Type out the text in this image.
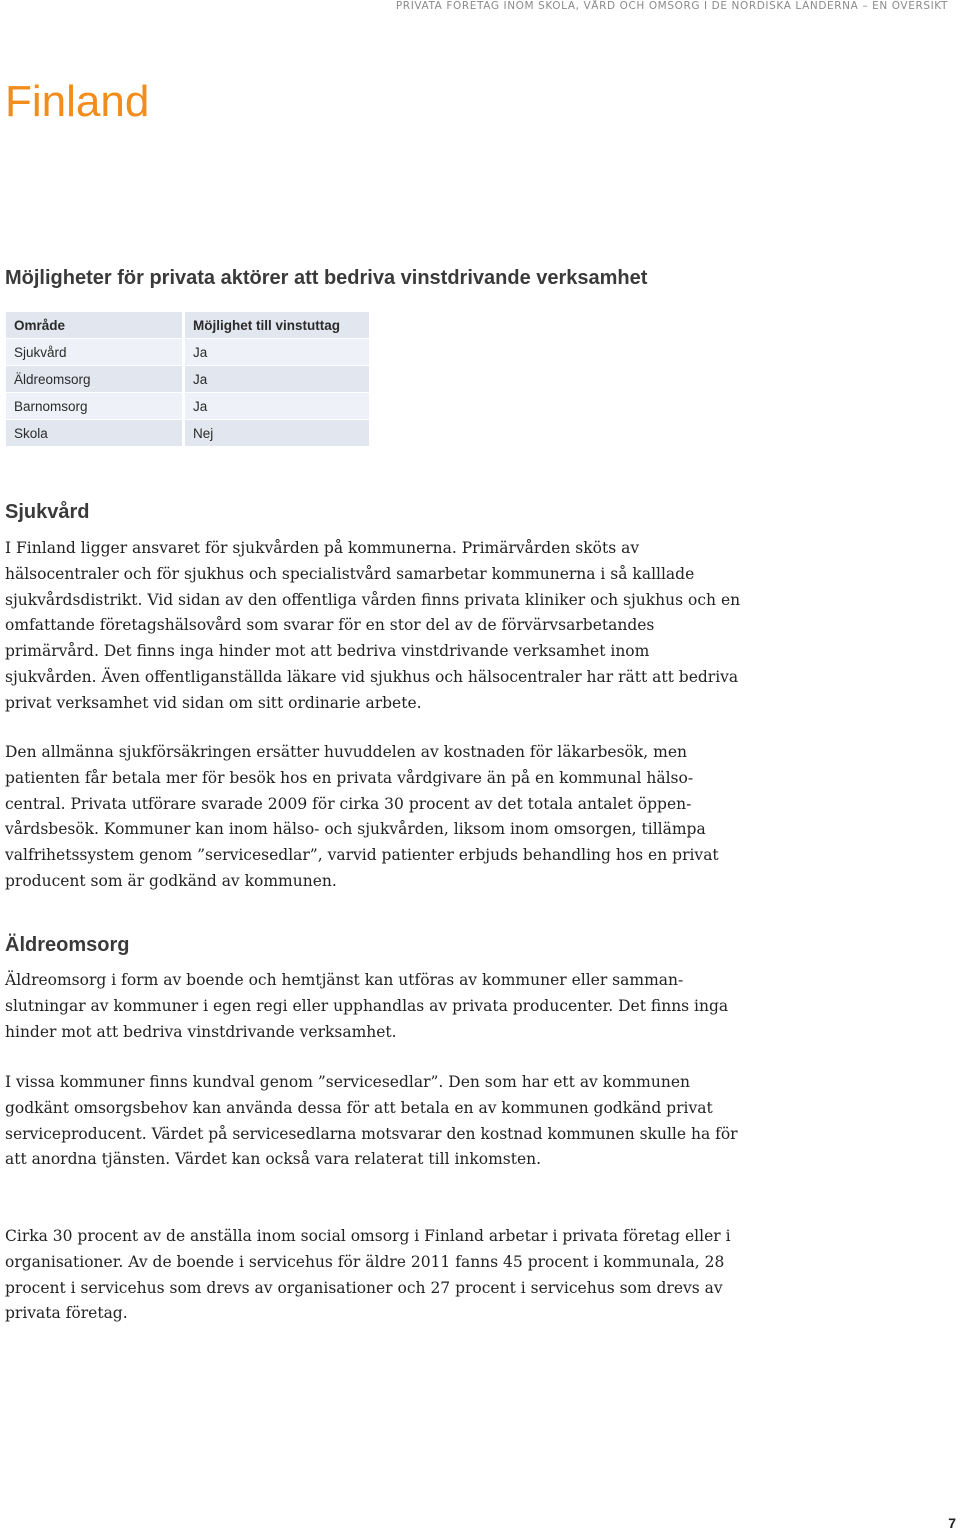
PRIVATA FÖRETAG INOM SKOLA, VÅRD OCH OMSORG I DE NORDISKA LÄNDERNA – EN ÖVERSIKT
Finland
Möjligheter för privata aktörer att bedriva vinstdrivande verksamhet
Område	Möjlighet till vinstuttag
Sjukvård	Ja
Äldreomsorg	Ja
Barnomsorg	Ja
Skola	Nej
Sjukvård

I Finland ligger ansvaret för sjukvården på kommunerna. Primärvården sköts av hälsocentraler och för sjukhus och specialistvård samarbetar kommunerna i så kalllade sjukvårdsdistrikt. Vid sidan av den offentliga vården finns privata kliniker och sjukhus och en omfattande företagshälsovård som svarar för en stor del av de förvärvsarbetandes primärvård. Det finns inga hinder mot att bedriva vinstdrivande verksamhet inom sjukvården. Även offentliganställda läkare vid sjukhus och hälsocentraler har rätt att bedriva privat verksamhet vid sidan om sitt ordinarie arbete.

Den allmänna sjukförsäkringen ersätter huvuddelen av kostnaden för läkarbesök, men patienten får betala mer för besök hos en privata vårdgivare än på en kommunal hälsocentral. Privata utförare svarade 2009 för cirka 30 procent av det totala antalet öppenvårdsbesök. Kommuner kan inom hälso- och sjukvården, liksom inom omsorgen, tillämpa valfrihetssystem genom ”servicesedlar”, varvid patienter erbjuds behandling hos en privat producent som är godkänd av kommunen.

Äldreomsorg

Äldreomsorg i form av boende och hemtjänst kan utföras av kommuner eller sammanslutningar av kommuner i egen regi eller upphandlas av privata producenter. Det finns inga hinder mot att bedriva vinstdrivande verksamhet.

I vissa kommuner finns kundval genom ”servicesedlar”. Den som har ett av kommunen godkänt omsorgsbehov kan använda dessa för att betala en av kommunen godkänd privat serviceproducent. Värdet på servicesedlarna motsvarar den kostnad kommunen skulle ha för att anordna tjänsten. Värdet kan också vara relaterat till inkomsten.

Cirka 30 procent av de anställa inom social omsorg i Finland arbetar i privata företag eller i organisationer. Av de boende i servicehus för äldre 2011 fanns 45 procent i kommunala, 28 procent i servicehus som drevs av organisationer och 27 procent i servicehus som drevs av privata företag.

7
